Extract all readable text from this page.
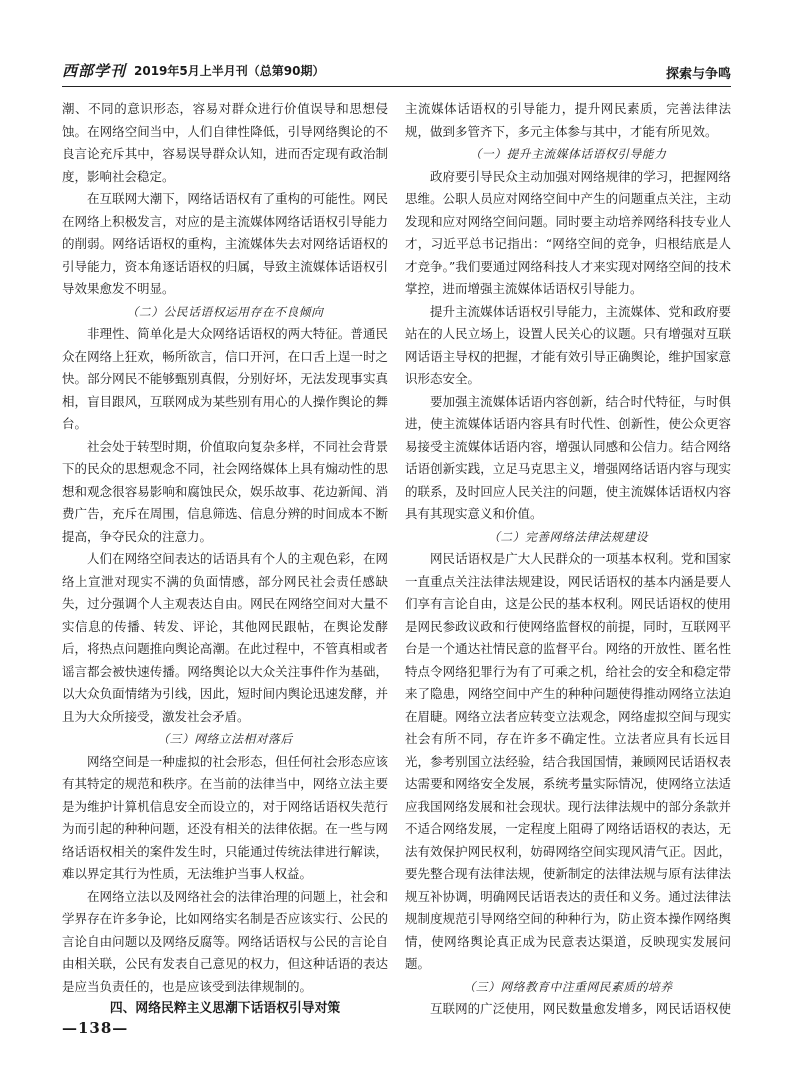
西部学刊 2019年5月上半月刊（总第90期）	探索与争鸣

潮、不同的意识形态，容易对群众进行价值误导和思想侵蚀。在网络空间当中，人们自律性降低，引导网络舆论的不良言论充斥其中，容易误导群众认知，进而否定现有政治制度，影响社会稳定。

在互联网大潮下，网络话语权有了重构的可能性。网民在网络上积极发言，对应的是主流媒体网络话语权引导能力的削弱。网络话语权的重构，主流媒体失去对网络话语权的引导能力，资本角逐话语权的归属，导致主流媒体话语权引导效果愈发不明显。

（二）公民话语权运用存在不良倾向

非理性、简单化是大众网络话语权的两大特征。普通民众在网络上狂欢，畅所欲言，信口开河，在口舌上逞一时之快。部分网民不能够甄别真假，分别好坏，无法发现事实真相，盲目跟风，互联网成为某些别有用心的人操作舆论的舞台。

社会处于转型时期，价值取向复杂多样，不同社会背景下的民众的思想观念不同，社会网络媒体上具有煽动性的思想和观念很容易影响和腐蚀民众，娱乐故事、花边新闻、消费广告，充斥在周围，信息筛选、信息分辨的时间成本不断提高，争夺民众的注意力。

人们在网络空间表达的话语具有个人的主观色彩，在网络上宣泄对现实不满的负面情感，部分网民社会责任感缺失，过分强调个人主观表达自由。网民在网络空间对大量不实信息的传播、转发、评论，其他网民跟帖，在舆论发酵后，将热点问题推向舆论高潮。在此过程中，不管真相或者谣言都会被快速传播。网络舆论以大众关注事件作为基础，以大众负面情绪为引线，因此，短时间内舆论迅速发酵，并且为大众所接受，激发社会矛盾。

（三）网络立法相对落后

网络空间是一种虚拟的社会形态，但任何社会形态应该有其特定的规范和秩序。在当前的法律当中，网络立法主要是为维护计算机信息安全而设立的，对于网络话语权失范行为而引起的种种问题，还没有相关的法律依据。在一些与网络话语权相关的案件发生时，只能通过传统法律进行解读，难以界定其行为性质，无法维护当事人权益。

在网络立法以及网络社会的法律治理的问题上，社会和学界存在许多争论，比如网络实名制是否应该实行、公民的言论自由问题以及网络反腐等。网络话语权与公民的言论自由相关联，公民有发表自己意见的权力，但这种话语的表达是应当负责任的，也是应该受到法律规制的。

四、网络民粹主义思潮下话语权引导对策

主流媒体话语权的引导能力，提升网民素质，完善法律法规，做到多管齐下，多元主体参与其中，才能有所见效。

（一）提升主流媒体话语权引导能力

政府要引导民众主动加强对网络规律的学习，把握网络思维。公职人员应对网络空间中产生的问题重点关注，主动发现和应对网络空间问题。同时要主动培养网络科技专业人才，习近平总书记指出：“网络空间的竞争，归根结底是人才竞争。”我们要通过网络科技人才来实现对网络空间的技术掌控，进而增强主流媒体话语权引导能力。

提升主流媒体话语权引导能力，主流媒体、党和政府要站在的人民立场上，设置人民关心的议题。只有增强对互联网话语主导权的把握，才能有效引导正确舆论，维护国家意识形态安全。

要加强主流媒体话语内容创新，结合时代特征，与时俱进，使主流媒体话语内容具有时代性、创新性，使公众更容易接受主流媒体话语内容，增强认同感和公信力。结合网络话语创新实践，立足马克思主义，增强网络话语内容与现实的联系，及时回应人民关注的问题，使主流媒体话语权内容具有其现实意义和价值。

（二）完善网络法律法规建设

网民话语权是广大人民群众的一项基本权利。党和国家一直重点关注法律法规建设，网民话语权的基本内涵是要人们享有言论自由，这是公民的基本权利。网民话语权的使用是网民参政议政和行使网络监督权的前提，同时，互联网平台是一个通达社情民意的监督平台。网络的开放性、匿名性特点令网络犯罪行为有了可乘之机，给社会的安全和稳定带来了隐患，网络空间中产生的种种问题使得推动网络立法迫在眉睫。网络立法者应转变立法观念，网络虚拟空间与现实社会有所不同，存在许多不确定性。立法者应具有长远目光，参考别国立法经验，结合我国国情，兼顾网民话语权表达需要和网络安全发展，系统考量实际情况，使网络立法适应我国网络发展和社会现状。现行法律法规中的部分条款并不适合网络发展，一定程度上阻碍了网络话语权的表达，无法有效保护网民权利，妨碍网络空间实现风清气正。因此，要先整合现有法律法规，使新制定的法律法规与原有法律法规互补协调，明确网民话语表达的责任和义务。通过法律法规制度规范引导网络空间的种种行为，防止资本操作网络舆情，使网络舆论真正成为民意表达渠道，反映现实发展问题。

（三）网络教育中注重网民素质的培养

互联网的广泛使用，网民数量愈发增多，网民话语权使

—138—
